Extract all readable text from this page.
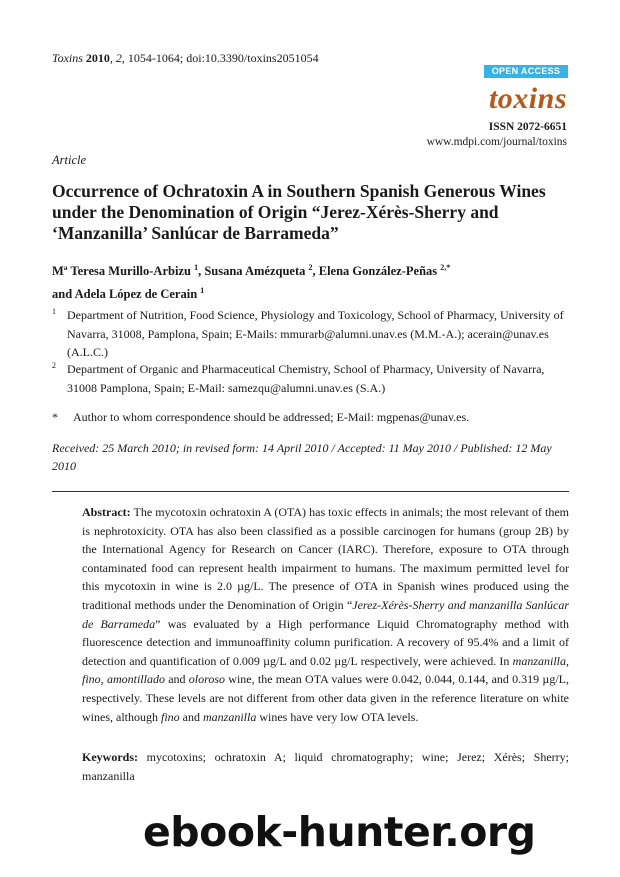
Toxins 2010, 2, 1054-1064; doi:10.3390/toxins2051054
OPEN ACCESS
toxins
ISSN 2072-6651
www.mdpi.com/journal/toxins
Article
Occurrence of Ochratoxin A in Southern Spanish Generous Wines under the Denomination of Origin “Jerez-Xérès-Sherry and ‘Manzanilla’ Sanlúcar de Barrameda”
Mª Teresa Murillo-Arbizu $^1$, Susana Amézqueta $^2$, Elena González-Peñas $^{2,*}$
and Adela López de Cerain $^1$
1 Department of Nutrition, Food Science, Physiology and Toxicology, School of Pharmacy, University of Navarra, 31008, Pamplona, Spain; E-Mails: mmurarb@alumni.unav.es (M.M.-A.); acerain@unav.es (A.L.C.)
2 Department of Organic and Pharmaceutical Chemistry, School of Pharmacy, University of Navarra, 31008 Pamplona, Spain; E-Mail: samezqu@alumni.unav.es (S.A.)
* Author to whom correspondence should be addressed; E-Mail: mgpenas@unav.es.
Received: 25 March 2010; in revised form: 14 April 2010 / Accepted: 11 May 2010 / Published: 12 May 2010
Abstract: The mycotoxin ochratoxin A (OTA) has toxic effects in animals; the most relevant of them is nephrotoxicity. OTA has also been classified as a possible carcinogen for humans (group 2B) by the International Agency for Research on Cancer (IARC). Therefore, exposure to OTA through contaminated food can represent health impairment to humans. The maximum permitted level for this mycotoxin in wine is 2.0 µg/L. The presence of OTA in Spanish wines produced using the traditional methods under the Denomination of Origin “Jerez-Xérès-Sherry and manzanilla Sanlúcar de Barrameda” was evaluated by a High performance Liquid Chromatography method with fluorescence detection and immunoaffinity column purification. A recovery of 95.4% and a limit of detection and quantification of 0.009 µg/L and 0.02 µg/L respectively, were achieved. In manzanilla, fino, amontillado and oloroso wine, the mean OTA values were 0.042, 0.044, 0.144, and 0.319 µg/L, respectively. These levels are not different from other data given in the reference literature on white wines, although fino and manzanilla wines have very low OTA levels.
Keywords: mycotoxins; ochratoxin A; liquid chromatography; wine; Jerez; Xérès; Sherry; manzanilla
ebook-hunter.org
